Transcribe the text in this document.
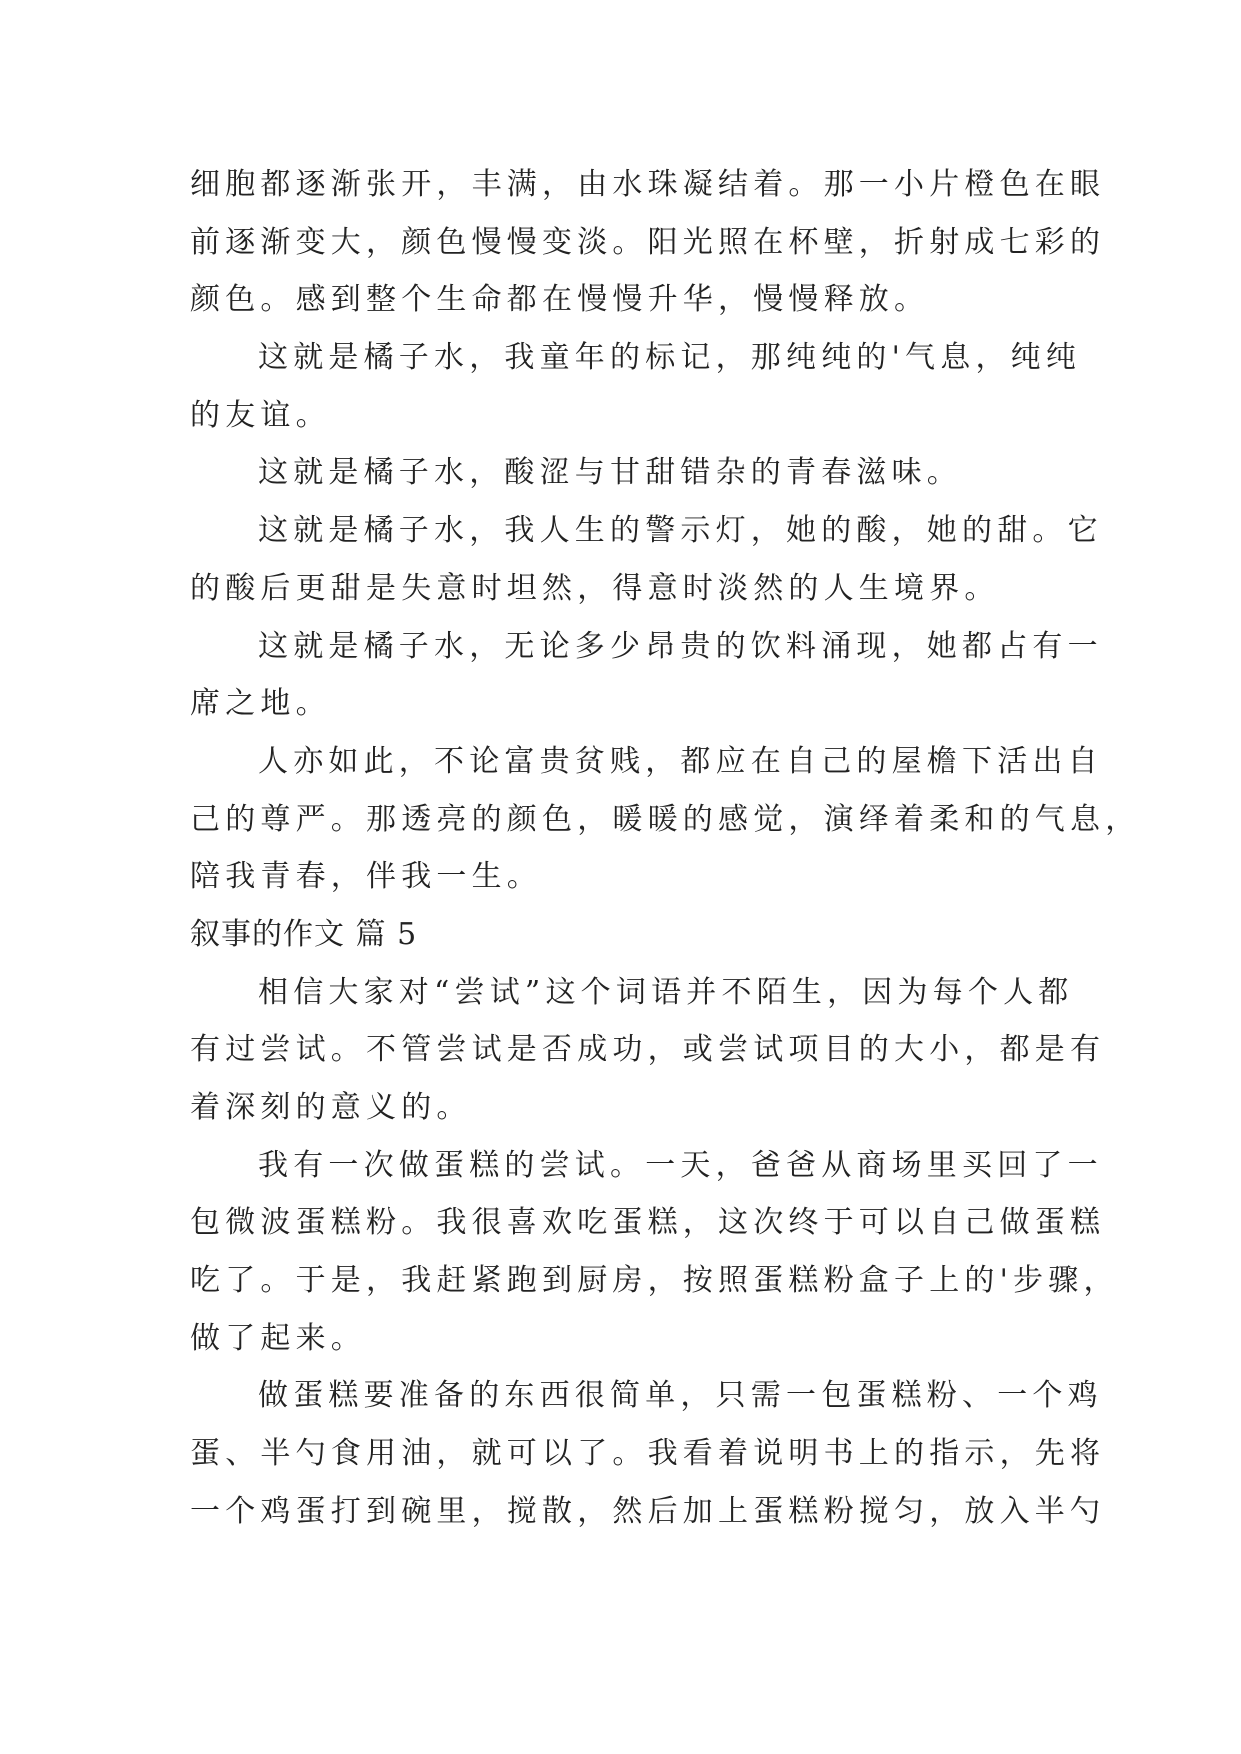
细胞都逐渐张开，丰满，由水珠凝结着。那一小片橙色在眼
前逐渐变大，颜色慢慢变淡。阳光照在杯壁，折射成七彩的
颜色。感到整个生命都在慢慢升华，慢慢释放。
这就是橘子水，我童年的标记，那纯纯的'气息，纯纯
的友谊。
这就是橘子水，酸涩与甘甜错杂的青春滋味。
这就是橘子水，我人生的警示灯，她的酸，她的甜。它
的酸后更甜是失意时坦然，得意时淡然的人生境界。
这就是橘子水，无论多少昂贵的饮料涌现，她都占有一
席之地。
人亦如此，不论富贵贫贱，都应在自己的屋檐下活出自
己的尊严。那透亮的颜色，暖暖的感觉，演绎着柔和的气息，
陪我青春，伴我一生。
叙事的作文 篇 5
相信大家对“尝试”这个词语并不陌生，因为每个人都
有过尝试。不管尝试是否成功，或尝试项目的大小，都是有
着深刻的意义的。
我有一次做蛋糕的尝试。一天，爸爸从商场里买回了一
包微波蛋糕粉。我很喜欢吃蛋糕，这次终于可以自己做蛋糕
吃了。于是，我赶紧跑到厨房，按照蛋糕粉盒子上的'步骤，
做了起来。
做蛋糕要准备的东西很简单，只需一包蛋糕粉、一个鸡
蛋、半勺食用油，就可以了。我看着说明书上的指示，先将
一个鸡蛋打到碗里，搅散，然后加上蛋糕粉搅匀，放入半勺
